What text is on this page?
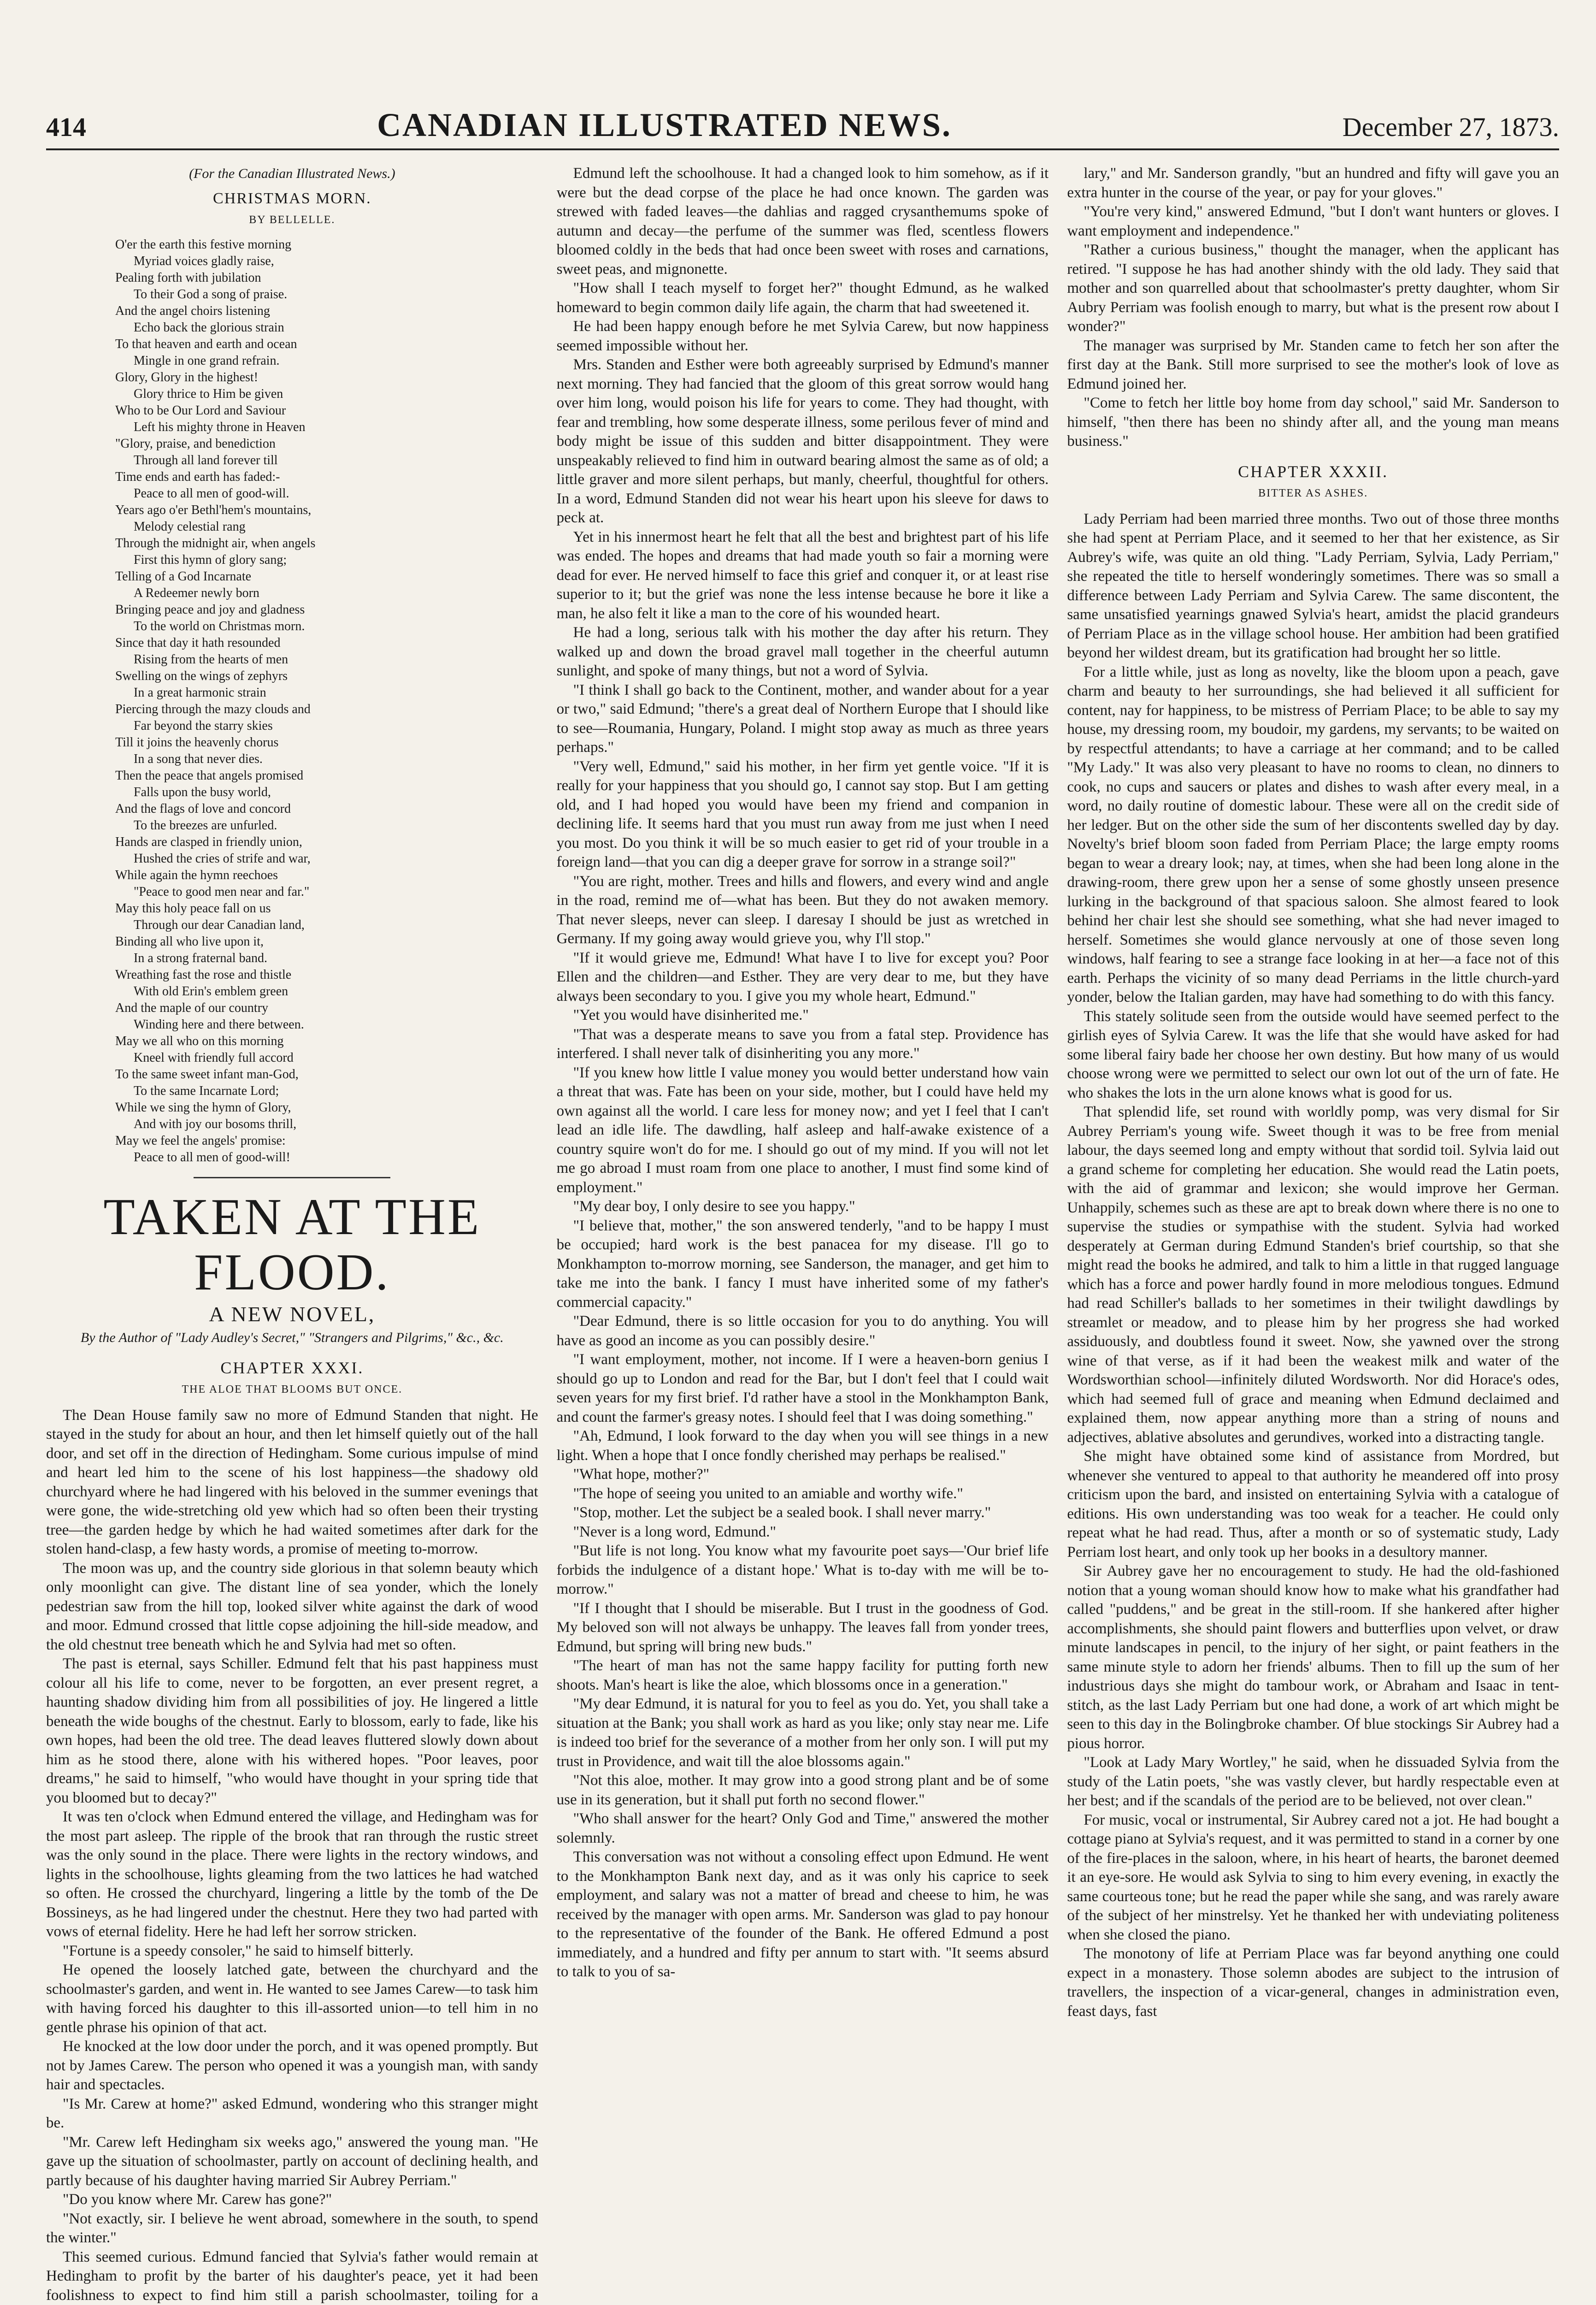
414	CANADIAN ILLUSTRATED NEWS.	December 27, 1873.
(For the Canadian Illustrated News.)
CHRISTMAS MORN.
BY BELLELLE.
O'er the earth this festive morning
Myriad voices gladly raise,
Pealing forth with jubilation
To their God a song of praise.
And the angel choirs listening
Echo back the glorious strain
To that heaven and earth and ocean
Mingle in one grand refrain.
Glory, Glory in the highest!
Glory thrice to Him be given
Who to be Our Lord and Saviour
Left his mighty throne in Heaven
"Glory, praise, and benediction
Through all land forever till
Time ends and earth has faded:-
Peace to all men of good-will.
Years ago o'er Bethl'hem's mountains,
Melody celestial rang
Through the midnight air, when angels
First this hymn of glory sang;
Telling of a God Incarnate
A Redeemer newly born
Bringing peace and joy and gladness
To the world on Christmas morn.
Since that day it hath resounded
Rising from the hearts of men
Swelling on the wings of zephyrs
In a great harmonic strain
Piercing through the mazy clouds and
Far beyond the starry skies
Till it joins the heavenly chorus
In a song that never dies.
Then the peace that angels promised
Falls upon the busy world,
And the flags of love and concord
To the breezes are unfurled.
Hands are clasped in friendly union,
Hushed the cries of strife and war,
While again the hymn reechoes
"Peace to good men near and far."
May this holy peace fall on us
Through our dear Canadian land,
Binding all who live upon it,
In a strong fraternal band.
Wreathing fast the rose and thistle
With old Erin's emblem green
And the maple of our country
Winding here and there between.
May we all who on this morning
Kneel with friendly full accord
To the same sweet infant man-God,
To the same Incarnate Lord;
While we sing the hymn of Glory,
And with joy our bosoms thrill,
May we feel the angels' promise:
Peace to all men of good-will!
TAKEN AT THE FLOOD.
A NEW NOVEL,
By the Author of "Lady Audley's Secret," "Strangers and Pilgrims," &c., &c.
CHAPTER XXXI.
THE ALOE THAT BLOOMS BUT ONCE.

The Dean House family saw no more of Edmund Standen that night. He stayed in the study for about an hour, and then let himself quietly out of the hall door, and set off in the direction of Hedingham. Some curious impulse of mind and heart led him to the scene of his lost happiness—the shadowy old churchyard where he had lingered with his beloved in the summer evenings that were gone, the wide-stretching old yew which had so often been their trysting tree—the garden hedge by which he had waited sometimes after dark for the stolen hand-clasp, a few hasty words, a promise of meeting to-morrow.

The moon was up, and the country side glorious in that solemn beauty which only moonlight can give. The distant line of sea yonder, which the lonely pedestrian saw from the hill top, looked silver white against the dark of wood and moor. Edmund crossed that little copse adjoining the hill-side meadow, and the old chestnut tree beneath which he and Sylvia had met so often.

The past is eternal, says Schiller. Edmund felt that his past happiness must colour all his life to come, never to be forgotten, an ever present regret, a haunting shadow dividing him from all possibilities of joy. He lingered a little beneath the wide boughs of the chestnut. Early to blossom, early to fade, like his own hopes, had been the old tree. The dead leaves fluttered slowly down about him as he stood there, alone with his withered hopes. "Poor leaves, poor dreams," he said to himself, "who would have thought in your spring tide that you bloomed but to decay?"

It was ten o'clock when Edmund entered the village, and Hedingham was for the most part asleep. The ripple of the brook that ran through the rustic street was the only sound in the place. There were lights in the rectory windows, and lights in the schoolhouse, lights gleaming from the two lattices he had watched so often. He crossed the churchyard, lingering a little by the tomb of the De Bossineys, as he had lingered under the chestnut. Here they two had parted with vows of eternal fidelity. Here he had left her sorrow stricken.

"Fortune is a speedy consoler," he said to himself bitterly.

He opened the loosely latched gate, between the churchyard and the schoolmaster's garden, and went in. He wanted to see James Carew—to task him with having forced his daughter to this ill-assorted union—to tell him in no gentle phrase his opinion of that act.

He knocked at the low door under the porch, and it was opened promptly. But not by James Carew. The person who opened it was a youngish man, with sandy hair and spectacles.

"Is Mr. Carew at home?" asked Edmund, wondering who this stranger might be.

"Mr. Carew left Hedingham six weeks ago," answered the young man. "He gave up the situation of schoolmaster, partly on account of declining health, and partly because of his daughter having married Sir Aubrey Perriam."

"Do you know where Mr. Carew has gone?"

"Not exactly, sir. I believe he went abroad, somewhere in the south, to spend the winter."

This seemed curious. Edmund fancied that Sylvia's father would remain at Hedingham to profit by the barter of his daughter's peace, yet it had been foolishness to expect to find him still a parish schoolmaster, toiling for a

Edmund left the schoolhouse. It had a changed look to him somehow, as if it were but the dead corpse of the place he had once known. The garden was strewed with faded leaves—the dahlias and ragged crysanthemums spoke of autumn and decay—the perfume of the summer was fled, scentless flowers bloomed coldly in the beds that had once been sweet with roses and carnations, sweet peas, and mignonette.

"How shall I teach myself to forget her?" thought Edmund, as he walked homeward to begin common daily life again, the charm that had sweetened it.

He had been happy enough before he met Sylvia Carew, but now happiness seemed impossible without her.

Mrs. Standen and Esther were both agreeably surprised by Edmund's manner next morning. They had fancied that the gloom of this great sorrow would hang over him long, would poison his life for years to come. They had thought, with fear and trembling, how some desperate illness, some perilous fever of mind and body might be issue of this sudden and bitter disappointment. They were unspeakably relieved to find him in outward bearing almost the same as of old; a little graver and more silent perhaps, but manly, cheerful, thoughtful for others. In a word, Edmund Standen did not wear his heart upon his sleeve for daws to peck at.

Yet in his innermost heart he felt that all the best and brightest part of his life was ended. The hopes and dreams that had made youth so fair a morning were dead for ever. He nerved himself to face this grief and conquer it, or at least rise superior to it; but the grief was none the less intense because he bore it like a man, he also felt it like a man to the core of his wounded heart.

He had a long, serious talk with his mother the day after his return. They walked up and down the broad gravel mall together in the cheerful autumn sunlight, and spoke of many things, but not a word of Sylvia.

"I think I shall go back to the Continent, mother, and wander about for a year or two," said Edmund; "there's a great deal of Northern Europe that I should like to see—Roumania, Hungary, Poland. I might stop away as much as three years perhaps."

"Very well, Edmund," said his mother, in her firm yet gentle voice. "If it is really for your happiness that you should go, I cannot say stop. But I am getting old, and I had hoped you would have been my friend and companion in declining life. It seems hard that you must run away from me just when I need you most. Do you think it will be so much easier to get rid of your trouble in a foreign land—that you can dig a deeper grave for sorrow in a strange soil?"

"You are right, mother. Trees and hills and flowers, and every wind and angle in the road, remind me of—what has been. But they do not awaken memory. That never sleeps, never can sleep. I daresay I should be just as wretched in Germany. If my going away would grieve you, why I'll stop."

"If it would grieve me, Edmund! What have I to live for except you? Poor Ellen and the children—and Esther. They are very dear to me, but they have always been secondary to you. I give you my whole heart, Edmund."

"Yet you would have disinherited me."

"That was a desperate means to save you from a fatal step. Providence has interfered. I shall never talk of disinheriting you any more."

"If you knew how little I value money you would better understand how vain a threat that was. Fate has been on your side, mother, but I could have held my own against all the world. I care less for money now; and yet I feel that I can't lead an idle life. The dawdling, half asleep and half-awake existence of a country squire won't do for me. I should go out of my mind. If you will not let me go abroad I must roam from one place to another, I must find some kind of employment."

"My dear boy, I only desire to see you happy."

"I believe that, mother," the son answered tenderly, "and to be happy I must be occupied; hard work is the best panacea for my disease. I'll go to Monkhampton to-morrow morning, see Sanderson, the manager, and get him to take me into the bank. I fancy I must have inherited some of my father's commercial capacity."

"Dear Edmund, there is so little occasion for you to do anything. You will have as good an income as you can possibly desire."

"I want employment, mother, not income. If I were a heaven-born genius I should go up to London and read for the Bar, but I don't feel that I could wait seven years for my first brief. I'd rather have a stool in the Monkhampton Bank, and count the farmer's greasy notes. I should feel that I was doing something."

"Ah, Edmund, I look forward to the day when you will see things in a new light. When a hope that I once fondly cherished may perhaps be realised."

"What hope, mother?"

"The hope of seeing you united to an amiable and worthy wife."

"Stop, mother. Let the subject be a sealed book. I shall never marry."

"Never is a long word, Edmund."

"But life is not long. You know what my favourite poet says—'Our brief life forbids the indulgence of a distant hope.' What is to-day with me will be to-morrow."

"If I thought that I should be miserable. But I trust in the goodness of God. My beloved son will not always be unhappy. The leaves fall from yonder trees, Edmund, but spring will bring new buds."

"The heart of man has not the same happy facility for putting forth new shoots. Man's heart is like the aloe, which blossoms once in a generation."

"My dear Edmund, it is natural for you to feel as you do. Yet, you shall take a situation at the Bank; you shall work as hard as you like; only stay near me. Life is indeed too brief for the severance of a mother from her only son. I will put my trust in Providence, and wait till the aloe blossoms again."

"Not this aloe, mother. It may grow into a good strong plant and be of some use in its generation, but it shall put forth no second flower."

"Who shall answer for the heart? Only God and Time," answered the mother solemnly.

This conversation was not without a consoling effect upon Edmund. He went to the Monkhampton Bank next day, and as it was only his caprice to seek employment, and salary was not a matter of bread and cheese to him, he was received by the manager with open arms. Mr. Sanderson was glad to pay honour to the representative of the founder of the Bank. He offered Edmund a post immediately, and a hundred and fifty per annum to start with. "It seems absurd to talk to you of sa-

lary," and Mr. Sanderson grandly, "but an hundred and fifty will gave you an extra hunter in the course of the year, or pay for your gloves."

"You're very kind," answered Edmund, "but I don't want hunters or gloves. I want employment and independence."

"Rather a curious business," thought the manager, when the applicant has retired. "I suppose he has had another shindy with the old lady. They said that mother and son quarrelled about that schoolmaster's pretty daughter, whom Sir Aubry Perriam was foolish enough to marry, but what is the present row about I wonder?"

The manager was surprised by Mr. Standen came to fetch her son after the first day at the Bank. Still more surprised to see the mother's look of love as Edmund joined her.

"Come to fetch her little boy home from day school," said Mr. Sanderson to himself, "then there has been no shindy after all, and the young man means business."

CHAPTER XXXII.
BITTER AS ASHES.

Lady Perriam had been married three months. Two out of those three months she had spent at Perriam Place, and it seemed to her that her existence, as Sir Aubrey's wife, was quite an old thing. "Lady Perriam, Sylvia, Lady Perriam," she repeated the title to herself wonderingly sometimes. There was so small a difference between Lady Perriam and Sylvia Carew. The same discontent, the same unsatisfied yearnings gnawed Sylvia's heart, amidst the placid grandeurs of Perriam Place as in the village school house. Her ambition had been gratified beyond her wildest dream, but its gratification had brought her so little.

For a little while, just as long as novelty, like the bloom upon a peach, gave charm and beauty to her surroundings, she had believed it all sufficient for content, nay for happiness, to be mistress of Perriam Place; to be able to say my house, my dressing room, my boudoir, my gardens, my servants; to be waited on by respectful attendants; to have a carriage at her command; and to be called "My Lady." It was also very pleasant to have no rooms to clean, no dinners to cook, no cups and saucers or plates and dishes to wash after every meal, in a word, no daily routine of domestic labour. These were all on the credit side of her ledger. But on the other side the sum of her discontents swelled day by day. Novelty's brief bloom soon faded from Perriam Place; the large empty rooms began to wear a dreary look; nay, at times, when she had been long alone in the drawing-room, there grew upon her a sense of some ghostly unseen presence lurking in the background of that spacious saloon. She almost feared to look behind her chair lest she should see something, what she had never imaged to herself. Sometimes she would glance nervously at one of those seven long windows, half fearing to see a strange face looking in at her—a face not of this earth. Perhaps the vicinity of so many dead Perriams in the little church-yard yonder, below the Italian garden, may have had something to do with this fancy.

This stately solitude seen from the outside would have seemed perfect to the girlish eyes of Sylvia Carew. It was the life that she would have asked for had some liberal fairy bade her choose her own destiny. But how many of us would choose wrong were we permitted to select our own lot out of the urn of fate. He who shakes the lots in the urn alone knows what is good for us.

That splendid life, set round with worldly pomp, was very dismal for Sir Aubrey Perriam's young wife. Sweet though it was to be free from menial labour, the days seemed long and empty without that sordid toil. Sylvia laid out a grand scheme for completing her education. She would read the Latin poets, with the aid of grammar and lexicon; she would improve her German. Unhappily, schemes such as these are apt to break down where there is no one to supervise the studies or sympathise with the student. Sylvia had worked desperately at German during Edmund Standen's brief courtship, so that she might read the books he admired, and talk to him a little in that rugged language which has a force and power hardly found in more melodious tongues. Edmund had read Schiller's ballads to her sometimes in their twilight dawdlings by streamlet or meadow, and to please him by her progress she had worked assiduously, and doubtless found it sweet. Now, she yawned over the strong wine of that verse, as if it had been the weakest milk and water of the Wordsworthian school—infinitely diluted Wordsworth. Nor did Horace's odes, which had seemed full of grace and meaning when Edmund declaimed and explained them, now appear anything more than a string of nouns and adjectives, ablative absolutes and gerundives, worked into a distracting tangle.

She might have obtained some kind of assistance from Mordred, but whenever she ventured to appeal to that authority he meandered off into prosy criticism upon the bard, and insisted on entertaining Sylvia with a catalogue of editions. His own understanding was too weak for a teacher. He could only repeat what he had read. Thus, after a month or so of systematic study, Lady Perriam lost heart, and only took up her books in a desultory manner.

Sir Aubrey gave her no encouragement to study. He had the old-fashioned notion that a young woman should know how to make what his grandfather had called "puddens," and be great in the still-room. If she hankered after higher accomplishments, she should paint flowers and butterflies upon velvet, or draw minute landscapes in pencil, to the injury of her sight, or paint feathers in the same minute style to adorn her friends' albums. Then to fill up the sum of her industrious days she might do tambour work, or Abraham and Isaac in tent-stitch, as the last Lady Perriam but one had done, a work of art which might be seen to this day in the Bolingbroke chamber. Of blue stockings Sir Aubrey had a pious horror.

"Look at Lady Mary Wortley," he said, when he dissuaded Sylvia from the study of the Latin poets, "she was vastly clever, but hardly respectable even at her best; and if the scandals of the period are to be believed, not over clean."

For music, vocal or instrumental, Sir Aubrey cared not a jot. He had bought a cottage piano at Sylvia's request, and it was permitted to stand in a corner by one of the fire-places in the saloon, where, in his heart of hearts, the baronet deemed it an eye-sore. He would ask Sylvia to sing to him every evening, in exactly the same courteous tone; but he read the paper while she sang, and was rarely aware of the subject of her minstrelsy. Yet he thanked her with undeviating politeness when she closed the piano.

The monotony of life at Perriam Place was far beyond anything one could expect in a monastery. Those solemn abodes are subject to the intrusion of travellers, the inspection of a vicar-general, changes in administration even, feast days, fast
